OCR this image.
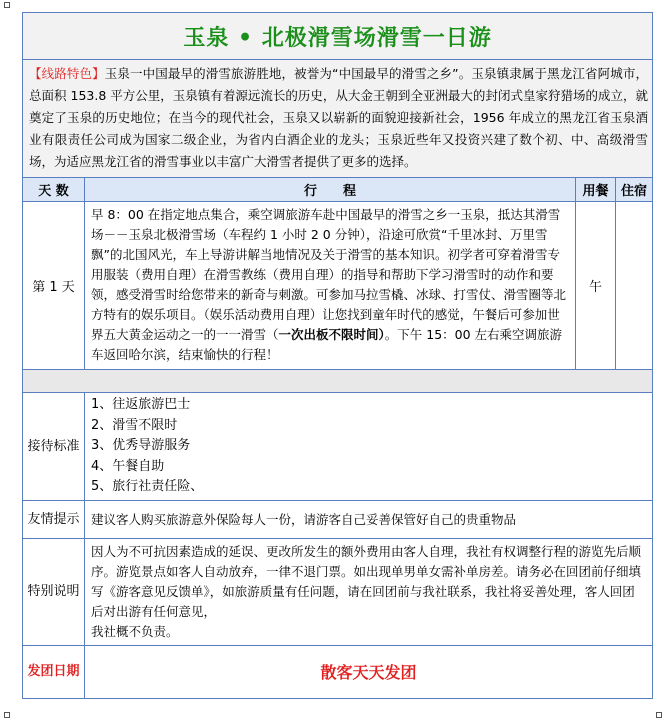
玉泉 • 北极滑雪场滑雪一日游			
【线路特色】玉泉一中国最早的滑雪旅游胜地，被誉为“中国最早的滑雪之乡”。玉泉镇隶属于黑龙江省阿城市，总面积 153.8 平方公里，玉泉镇有着源远流长的历史，从大金王朝到全亚洲最大的封闭式皇家狩猎场的成立，就奠定了玉泉的历史地位；在当今的现代社会，玉泉又以崭新的面貌迎接新社会，1956 年成立的黑龙江省玉泉酒业有限责任公司成为国家二级企业，为省内白酒企业的龙头；玉泉近些年又投资兴建了数个初、中、高级滑雪场，为适应黑龙江省的滑雪事业以丰富广大滑雪者提供了更多的选择。			
天 数	行　　程	用餐	住宿
第 1 天	早 8：00 在指定地点集合，乘空调旅游车赴中国最早的滑雪之乡一玉泉，抵达其滑雪场－－玉泉北极滑雪场（车程约 1 小时 2 0 分钟），沿途可欣赏“千里冰封、万里雪飘”的北国风光，车上导游讲解当地情况及关于滑雪的基本知识。初学者可穿着滑雪专用服装（费用自理）在滑雪教练（费用自理）的指导和帮助下学习滑雪时的动作和要领，感受滑雪时给您带来的新奇与刺激。可参加马拉雪橇、冰球、打雪仗、滑雪圈等北方特有的娱乐项目。（娱乐活动费用自理）让您找到童年时代的感觉，午餐后可参加世界五大黄金运动之一的一一滑雪（一次出板不限时间）。下午 15：00 左右乘空调旅游车返回哈尔滨，结束愉快的行程！	午	

接待标准	1、往返旅游巴士
2、滑雪不限时
3、优秀导游服务
4、午餐自助
5、旅行社责任险、		

友情提示	建议客人购买旅游意外保险每人一份，请游客自己妥善保管好自己的贵重物品		
特别说明	因人为不可抗因素造成的延误、更改所发生的额外费用由客人自理，我社有权调整行程的游览先后顺序。游览景点如客人自动放弃，一律不退门票。如出现单男单女需补单房差。请务必在回团前仔细填写《游客意见反馈单》，如旅游质量有任问题，请在回团前与我社联系，我社将妥善处理，客人回团后对出游有任何意见，
我社概不负责。		

发团日期	散客天天发团		
